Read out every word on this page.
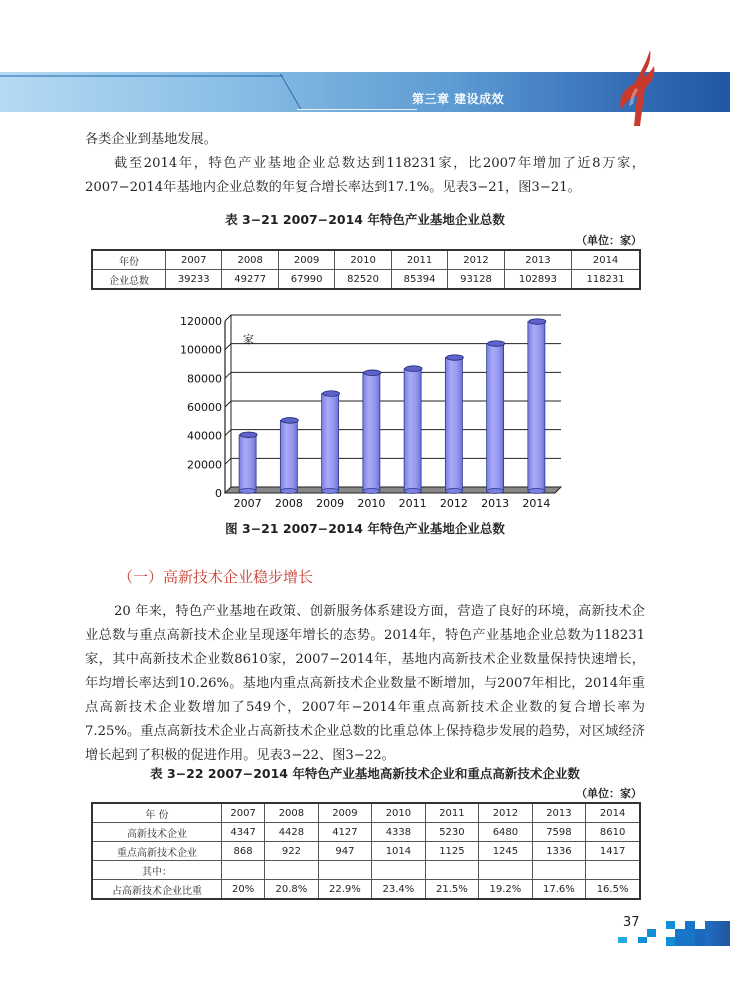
第三章 建设成效

各类企业到基地发展。

截至2014年，特色产业基地企业总数达到118231家，比2007年增加了近8万家，2007−2014年基地内企业总数的年复合增长率达到17.1%。见表3−21，图3−21。

表 3−21 2007−2014 年特色产业基地企业总数
（单位：家）
年份	2007	2008	2009	2010	2011	2012	2013	2014
企业总数	39233	49277	67990	82520	85394	93128	102893	118231
0
20000
40000
60000
80000
100000
120000
家
2007 2008 2009 2010 2011 2012 2013 2014
图 3−21 2007−2014 年特色产业基地企业总数
（一）高新技术企业稳步增长

20 年来，特色产业基地在政策、创新服务体系建设方面，营造了良好的环境，高新技术企业总数与重点高新技术企业呈现逐年增长的态势。2014年，特色产业基地企业总数为118231家，其中高新技术企业数8610家，2007−2014年，基地内高新技术企业数量保持快速增长，年均增长率达到10.26%。基地内重点高新技术企业数量不断增加，与2007年相比，2014年重点高新技术企业数增加了549个，2007年−2014年重点高新技术企业数的复合增长率为7.25%。重点高新技术企业占高新技术企业总数的比重总体上保持稳步发展的趋势，对区域经济增长起到了积极的促进作用。见表3−22、图3−22。

表 3−22 2007−2014 年特色产业基地高新技术企业和重点高新技术企业数
（单位：家）
年 份	2007	2008	2009	2010	2011	2012	2013	2014
高新技术企业	4347	4428	4127	4338	5230	6480	7598	8610
重点高新技术企业	868	922	947	1014	1125	1245	1336	1417
其中：								
占高新技术企业比重	20%	20.8%	22.9%	23.4%	21.5%	19.2%	17.6%	16.5%
37
